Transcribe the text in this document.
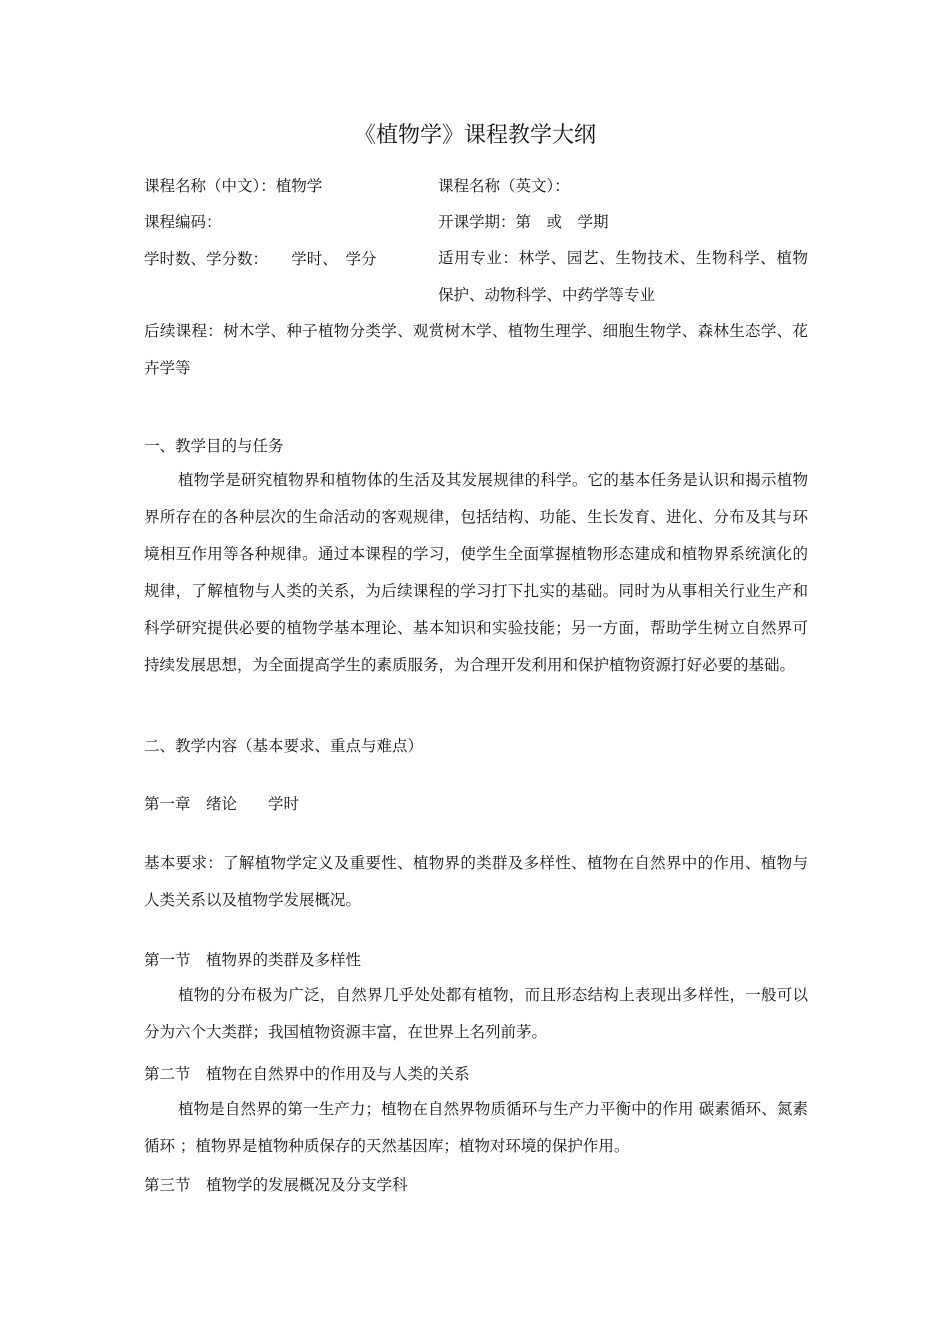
《植物学》课程教学大纲
课程名称（中文）：植物学	课程名称（英文）：
课程编码：	开课学期：第　或　学期
学时数、学分数：　　学时、　学分	适用专业：林学、园艺、生物技术、生物科学、植物保护、动物科学、中药学等专业
后续课程：树木学、种子植物分类学、观赏树木学、植物生理学、细胞生物学、森林生态学、花卉学等
一、教学目的与任务
植物学是研究植物界和植物体的生活及其发展规律的科学。它的基本任务是认识和揭示植物界所存在的各种层次的生命活动的客观规律，包括结构、功能、生长发育、进化、分布及其与环境相互作用等各种规律。通过本课程的学习，使学生全面掌握植物形态建成和植物界系统演化的规律，了解植物与人类的关系，为后续课程的学习打下扎实的基础。同时为从事相关行业生产和科学研究提供必要的植物学基本理论、基本知识和实验技能；另一方面，帮助学生树立自然界可持续发展思想，为全面提高学生的素质服务，为合理开发利用和保护植物资源打好必要的基础。
二、教学内容（基本要求、重点与难点）
第一章　绪论　　学时
基本要求：了解植物学定义及重要性、植物界的类群及多样性、植物在自然界中的作用、植物与人类关系以及植物学发展概况。
第一节　植物界的类群及多样性
植物的分布极为广泛，自然界几乎处处都有植物，而且形态结构上表现出多样性，一般可以分为六个大类群；我国植物资源丰富，在世界上名列前茅。
第二节　植物在自然界中的作用及与人类的关系
植物是自然界的第一生产力；植物在自然界物质循环与生产力平衡中的作用 碳素循环、氮素循环 ；植物界是植物种质保存的天然基因库；植物对环境的保护作用。
第三节　植物学的发展概况及分支学科
